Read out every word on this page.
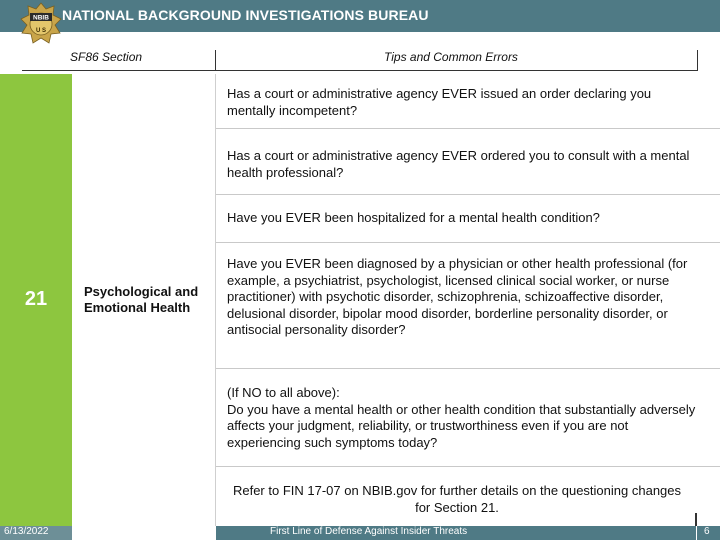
NATIONAL BACKGROUND INVESTIGATIONS BUREAU
NBIB
U S
SF86 Section	Tips and Common Errors
21	Psychological and Emotional Health
Has a court or administrative agency EVER issued an order declaring you mentally incompetent?
Has a court or administrative agency EVER ordered you to consult with a mental health professional?
Have you EVER been hospitalized for a mental health condition?
Have you EVER been diagnosed by a physician or other health professional (for example, a psychiatrist, psychologist, licensed clinical social worker, or nurse practitioner) with psychotic disorder, schizophrenia, schizoaffective disorder, delusional disorder, bipolar mood disorder, borderline personality disorder, or antisocial personality disorder?
(If NO to all above):
Do you have a mental health or other health condition that substantially adversely affects your judgment, reliability, or trustworthiness even if you are not experiencing such symptoms today?
Refer to FIN 17-07 on NBIB.gov for further details on the questioning changes for Section 21.
6/13/2022	First Line of Defense Against Insider Threats	6
